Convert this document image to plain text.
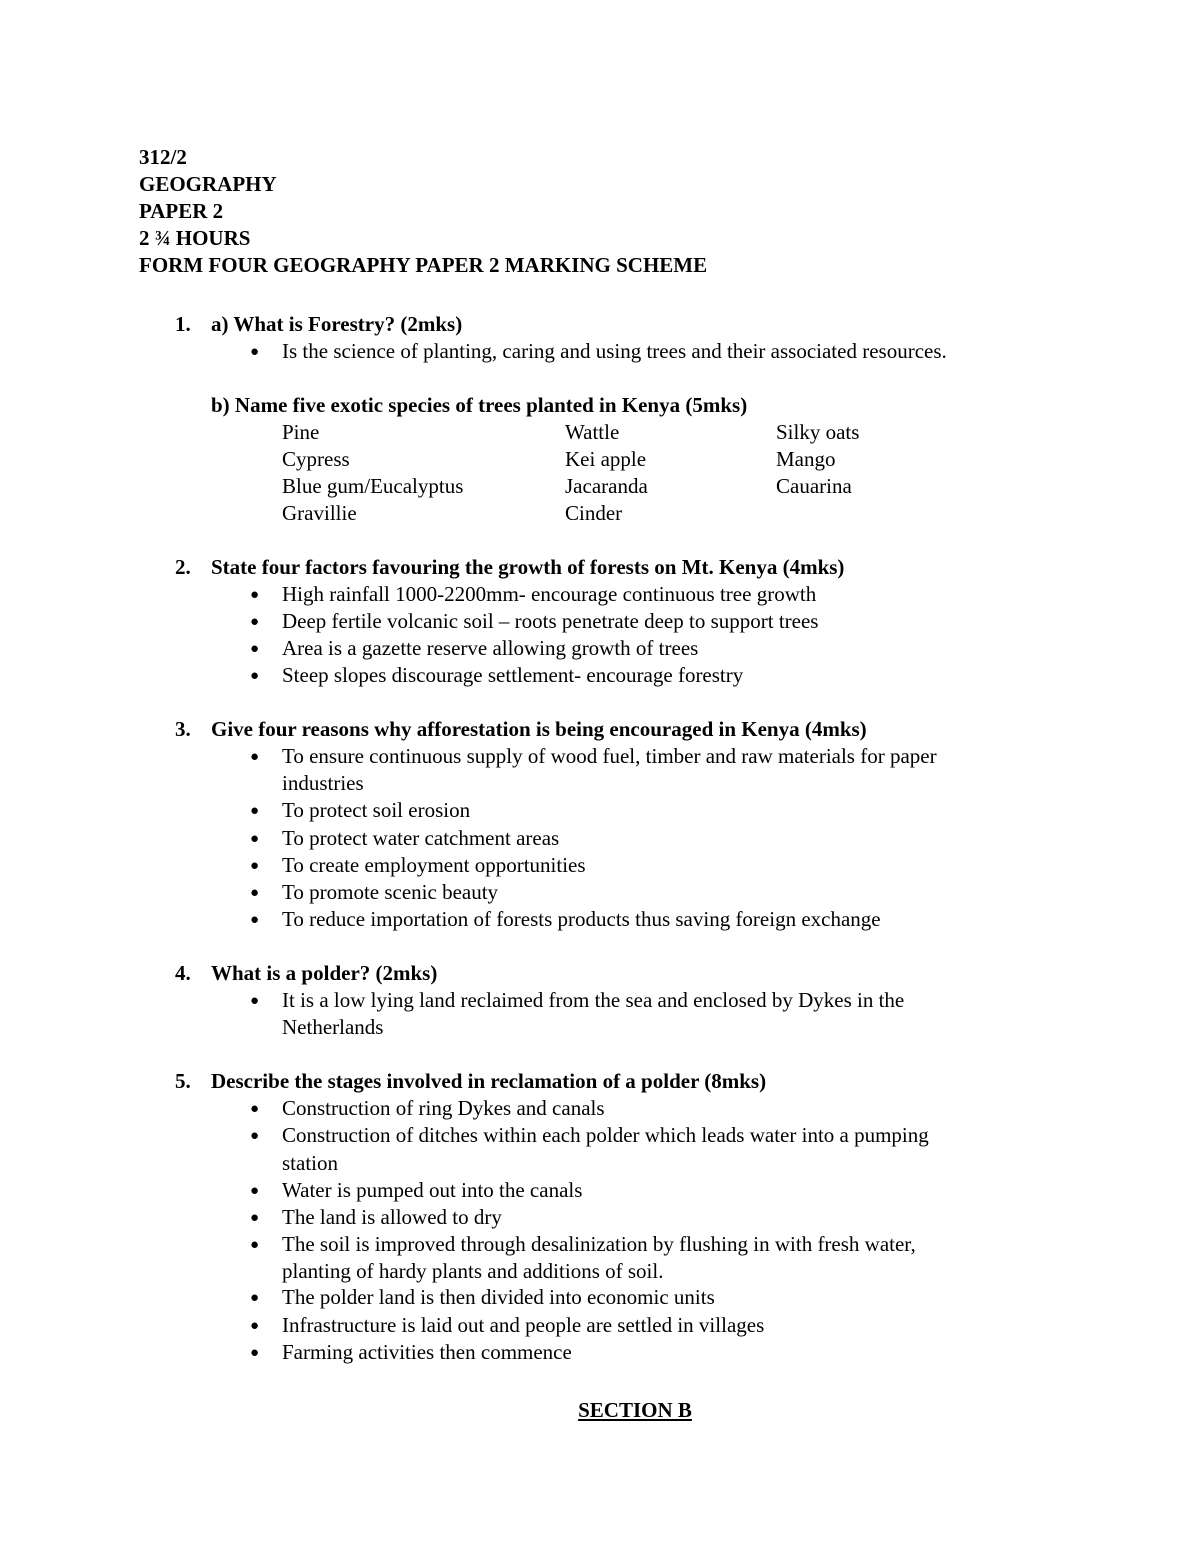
312/2
GEOGRAPHY
PAPER 2
2 ¾ HOURS
FORM FOUR GEOGRAPHY PAPER 2 MARKING SCHEME
1. a) What is Forestry? (2mks)
● Is the science of planting, caring and using trees and their associated resources.
b) Name five exotic species of trees planted in Kenya (5mks)
Pine	Wattle	Silky oats
Cypress	Kei apple	Mango
Blue gum/Eucalyptus	Jacaranda	Cauarina
Gravillie	Cinder
2. State four factors favouring the growth of forests on Mt. Kenya (4mks)
● High rainfall 1000-2200mm- encourage continuous tree growth
● Deep fertile volcanic soil – roots penetrate deep to support trees
● Area is a gazette reserve allowing growth of trees
● Steep slopes discourage settlement- encourage forestry
3. Give four reasons why afforestation is being encouraged in Kenya (4mks)
● To ensure continuous supply of wood fuel, timber and raw materials for paper
industries
● To protect soil erosion
● To protect water catchment areas
● To create employment opportunities
● To promote scenic beauty
● To reduce importation of forests products thus saving foreign exchange
4. What is a polder? (2mks)
● It is a low lying land reclaimed from the sea and enclosed by Dykes in the
Netherlands
5. Describe the stages involved in reclamation of a polder (8mks)
● Construction of ring Dykes and canals
● Construction of ditches within each polder which leads water into a pumping
station
● Water is pumped out into the canals
● The land is allowed to dry
● The soil is improved through desalinization by flushing in with fresh water,
planting of hardy plants and additions of soil.
● The polder land is then divided into economic units
● Infrastructure is laid out and people are settled in villages
● Farming activities then commence
SECTION B
